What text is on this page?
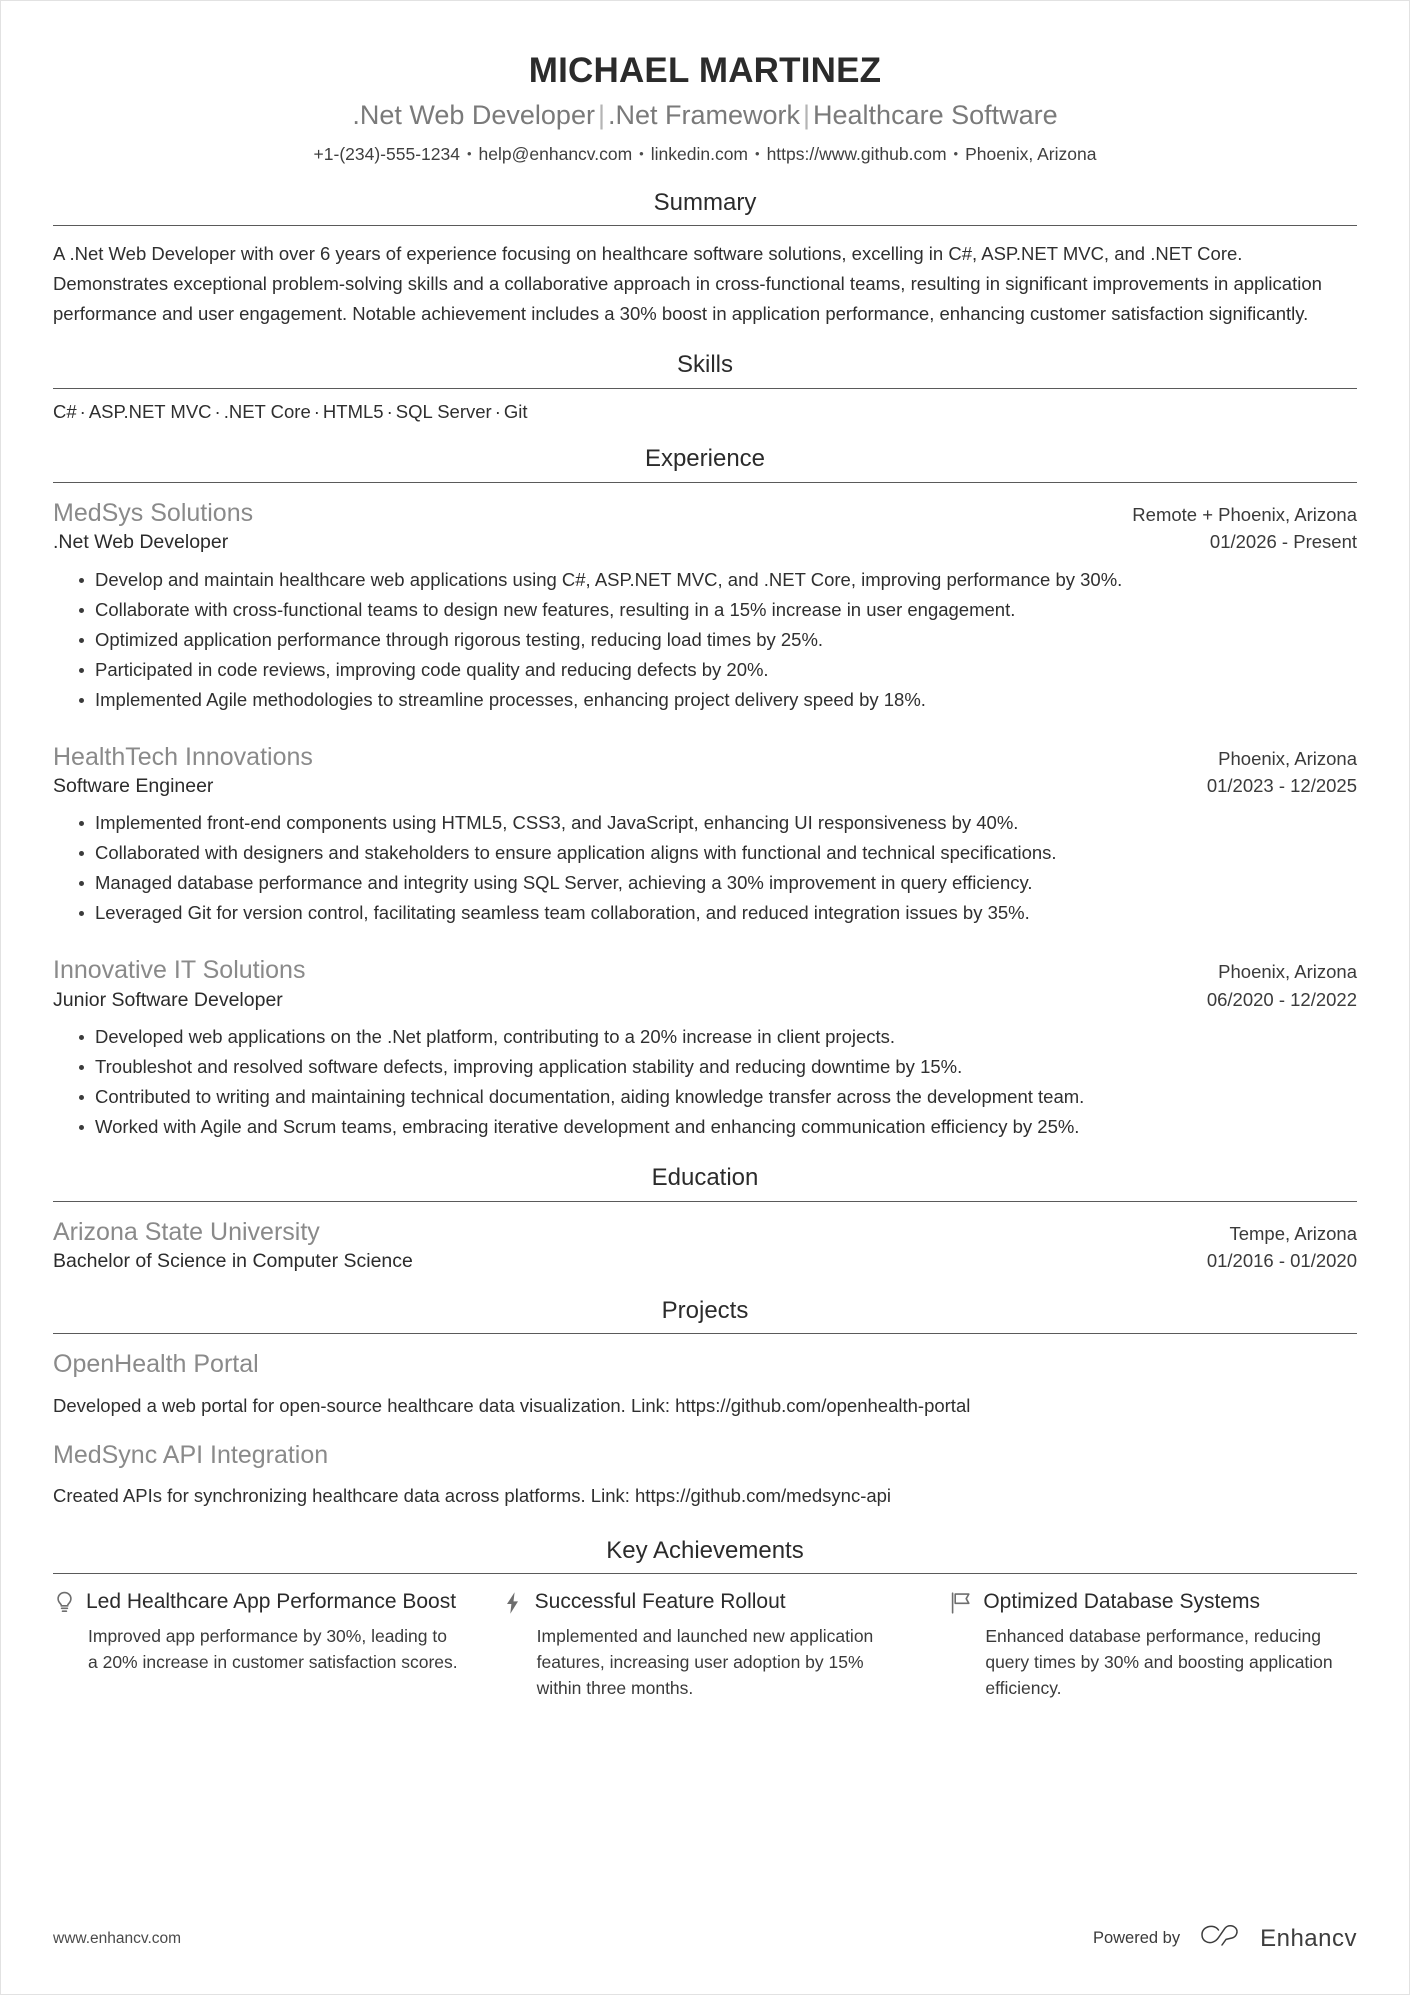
MICHAEL MARTINEZ
.Net Web Developer | .Net Framework | Healthcare Software
+1-(234)-555-1234 • help@enhancv.com • linkedin.com • https://www.github.com • Phoenix, Arizona
Summary

A .Net Web Developer with over 6 years of experience focusing on healthcare software solutions, excelling in C#, ASP.NET MVC, and .NET Core. Demonstrates exceptional problem-solving skills and a collaborative approach in cross-functional teams, resulting in significant improvements in application performance and user engagement. Notable achievement includes a 30% boost in application performance, enhancing customer satisfaction significantly.

Skills
C# · ASP.NET MVC · .NET Core · HTML5 · SQL Server · Git
Experience
MedSys Solutions	Remote + Phoenix, Arizona
.Net Web Developer	01/2026 - Present
Develop and maintain healthcare web applications using C#, ASP.NET MVC, and .NET Core, improving performance by 30%.
Collaborate with cross-functional teams to design new features, resulting in a 15% increase in user engagement.
Optimized application performance through rigorous testing, reducing load times by 25%.
Participated in code reviews, improving code quality and reducing defects by 20%.
Implemented Agile methodologies to streamline processes, enhancing project delivery speed by 18%.
HealthTech Innovations	Phoenix, Arizona
Software Engineer	01/2023 - 12/2025
Implemented front-end components using HTML5, CSS3, and JavaScript, enhancing UI responsiveness by 40%.
Collaborated with designers and stakeholders to ensure application aligns with functional and technical specifications.
Managed database performance and integrity using SQL Server, achieving a 30% improvement in query efficiency.
Leveraged Git for version control, facilitating seamless team collaboration, and reduced integration issues by 35%.
Innovative IT Solutions	Phoenix, Arizona
Junior Software Developer	06/2020 - 12/2022
Developed web applications on the .Net platform, contributing to a 20% increase in client projects.
Troubleshot and resolved software defects, improving application stability and reducing downtime by 15%.
Contributed to writing and maintaining technical documentation, aiding knowledge transfer across the development team.
Worked with Agile and Scrum teams, embracing iterative development and enhancing communication efficiency by 25%.
Education
Arizona State University	Tempe, Arizona
Bachelor of Science in Computer Science	01/2016 - 01/2020
Projects
OpenHealth Portal
Developed a web portal for open-source healthcare data visualization. Link: https://github.com/openhealth-portal
MedSync API Integration
Created APIs for synchronizing healthcare data across platforms. Link: https://github.com/medsync-api
Key Achievements
Led Healthcare App Performance Boost
Improved app performance by 30%, leading to a 20% increase in customer satisfaction scores.
Successful Feature Rollout
Implemented and launched new application features, increasing user adoption by 15% within three months.
Optimized Database Systems
Enhanced database performance, reducing query times by 30% and boosting application efficiency.
www.enhancv.com	Powered by	Enhancv
